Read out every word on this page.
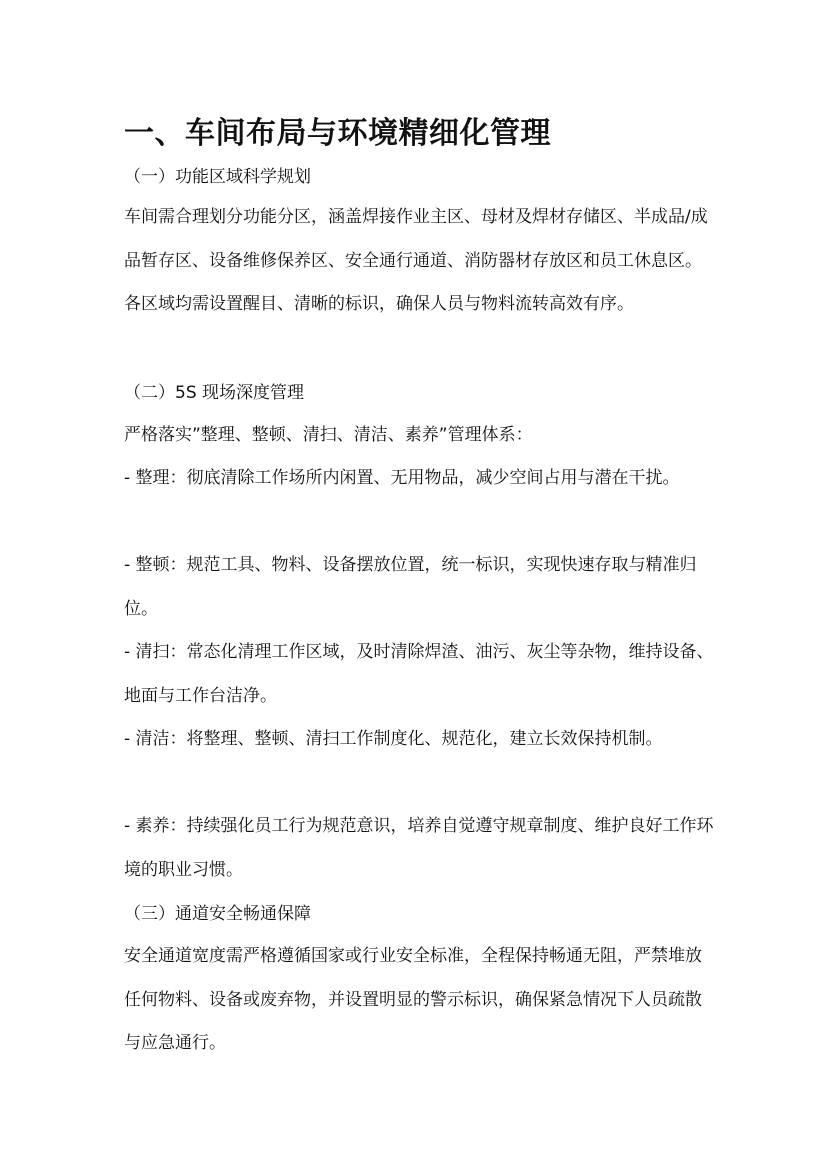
一、车间布局与环境精细化管理
（一）功能区域科学规划

车间需合理划分功能分区，涵盖焊接作业主区、母材及焊材存储区、半成品/成品暂存区、设备维修保养区、安全通行通道、消防器材存放区和员工休息区。各区域均需设置醒目、清晰的标识，确保人员与物料流转高效有序。

（二）5S 现场深度管理

严格落实”整理、整顿、清扫、清洁、素养”管理体系：

- 整理：彻底清除工作场所内闲置、无用物品，减少空间占用与潜在干扰。

- 整顿：规范工具、物料、设备摆放位置，统一标识，实现快速存取与精准归位。

- 清扫：常态化清理工作区域，及时清除焊渣、油污、灰尘等杂物，维持设备、地面与工作台洁净。

- 清洁：将整理、整顿、清扫工作制度化、规范化，建立长效保持机制。

- 素养：持续强化员工行为规范意识，培养自觉遵守规章制度、维护良好工作环境的职业习惯。

（三）通道安全畅通保障

安全通道宽度需严格遵循国家或行业安全标准，全程保持畅通无阻，严禁堆放任何物料、设备或废弃物，并设置明显的警示标识，确保紧急情况下人员疏散与应急通行。
